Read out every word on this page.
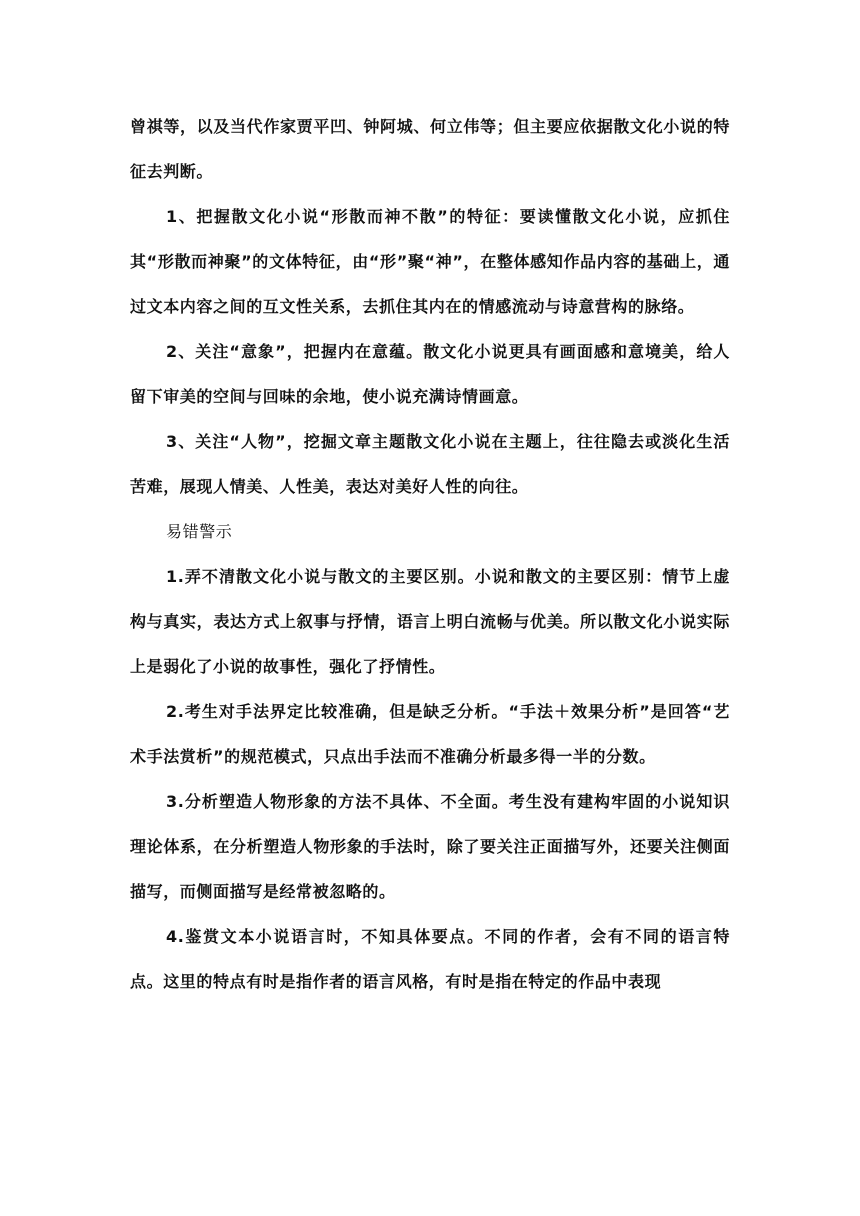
曾祺等，以及当代作家贾平凹、钟阿城、何立伟等；但主要应依据散文化小说的特征去判断。

1、把握散文化小说“形散而神不散”的特征：要读懂散文化小说，应抓住其“形散而神聚”的文体特征，由“形”聚“神”，在整体感知作品内容的基础上，通过文本内容之间的互文性关系，去抓住其内在的情感流动与诗意营构的脉络。

2、关注“意象”，把握内在意蕴。散文化小说更具有画面感和意境美，给人留下审美的空间与回味的余地，使小说充满诗情画意。

3、关注“人物”，挖掘文章主题散文化小说在主题上，往往隐去或淡化生活苦难，展现人情美、人性美，表达对美好人性的向往。

易错警示

1.弄不清散文化小说与散文的主要区别。小说和散文的主要区别：情节上虚构与真实，表达方式上叙事与抒情，语言上明白流畅与优美。所以散文化小说实际上是弱化了小说的故事性，强化了抒情性。

2.考生对手法界定比较准确，但是缺乏分析。“手法＋效果分析”是回答“艺术手法赏析”的规范模式，只点出手法而不准确分析最多得一半的分数。

3.分析塑造人物形象的方法不具体、不全面。考生没有建构牢固的小说知识理论体系，在分析塑造人物形象的手法时，除了要关注正面描写外，还要关注侧面描写，而侧面描写是经常被忽略的。

4.鉴赏文本小说语言时，不知具体要点。不同的作者，会有不同的语言特点。这里的特点有时是指作者的语言风格，有时是指在特定的作品中表现
